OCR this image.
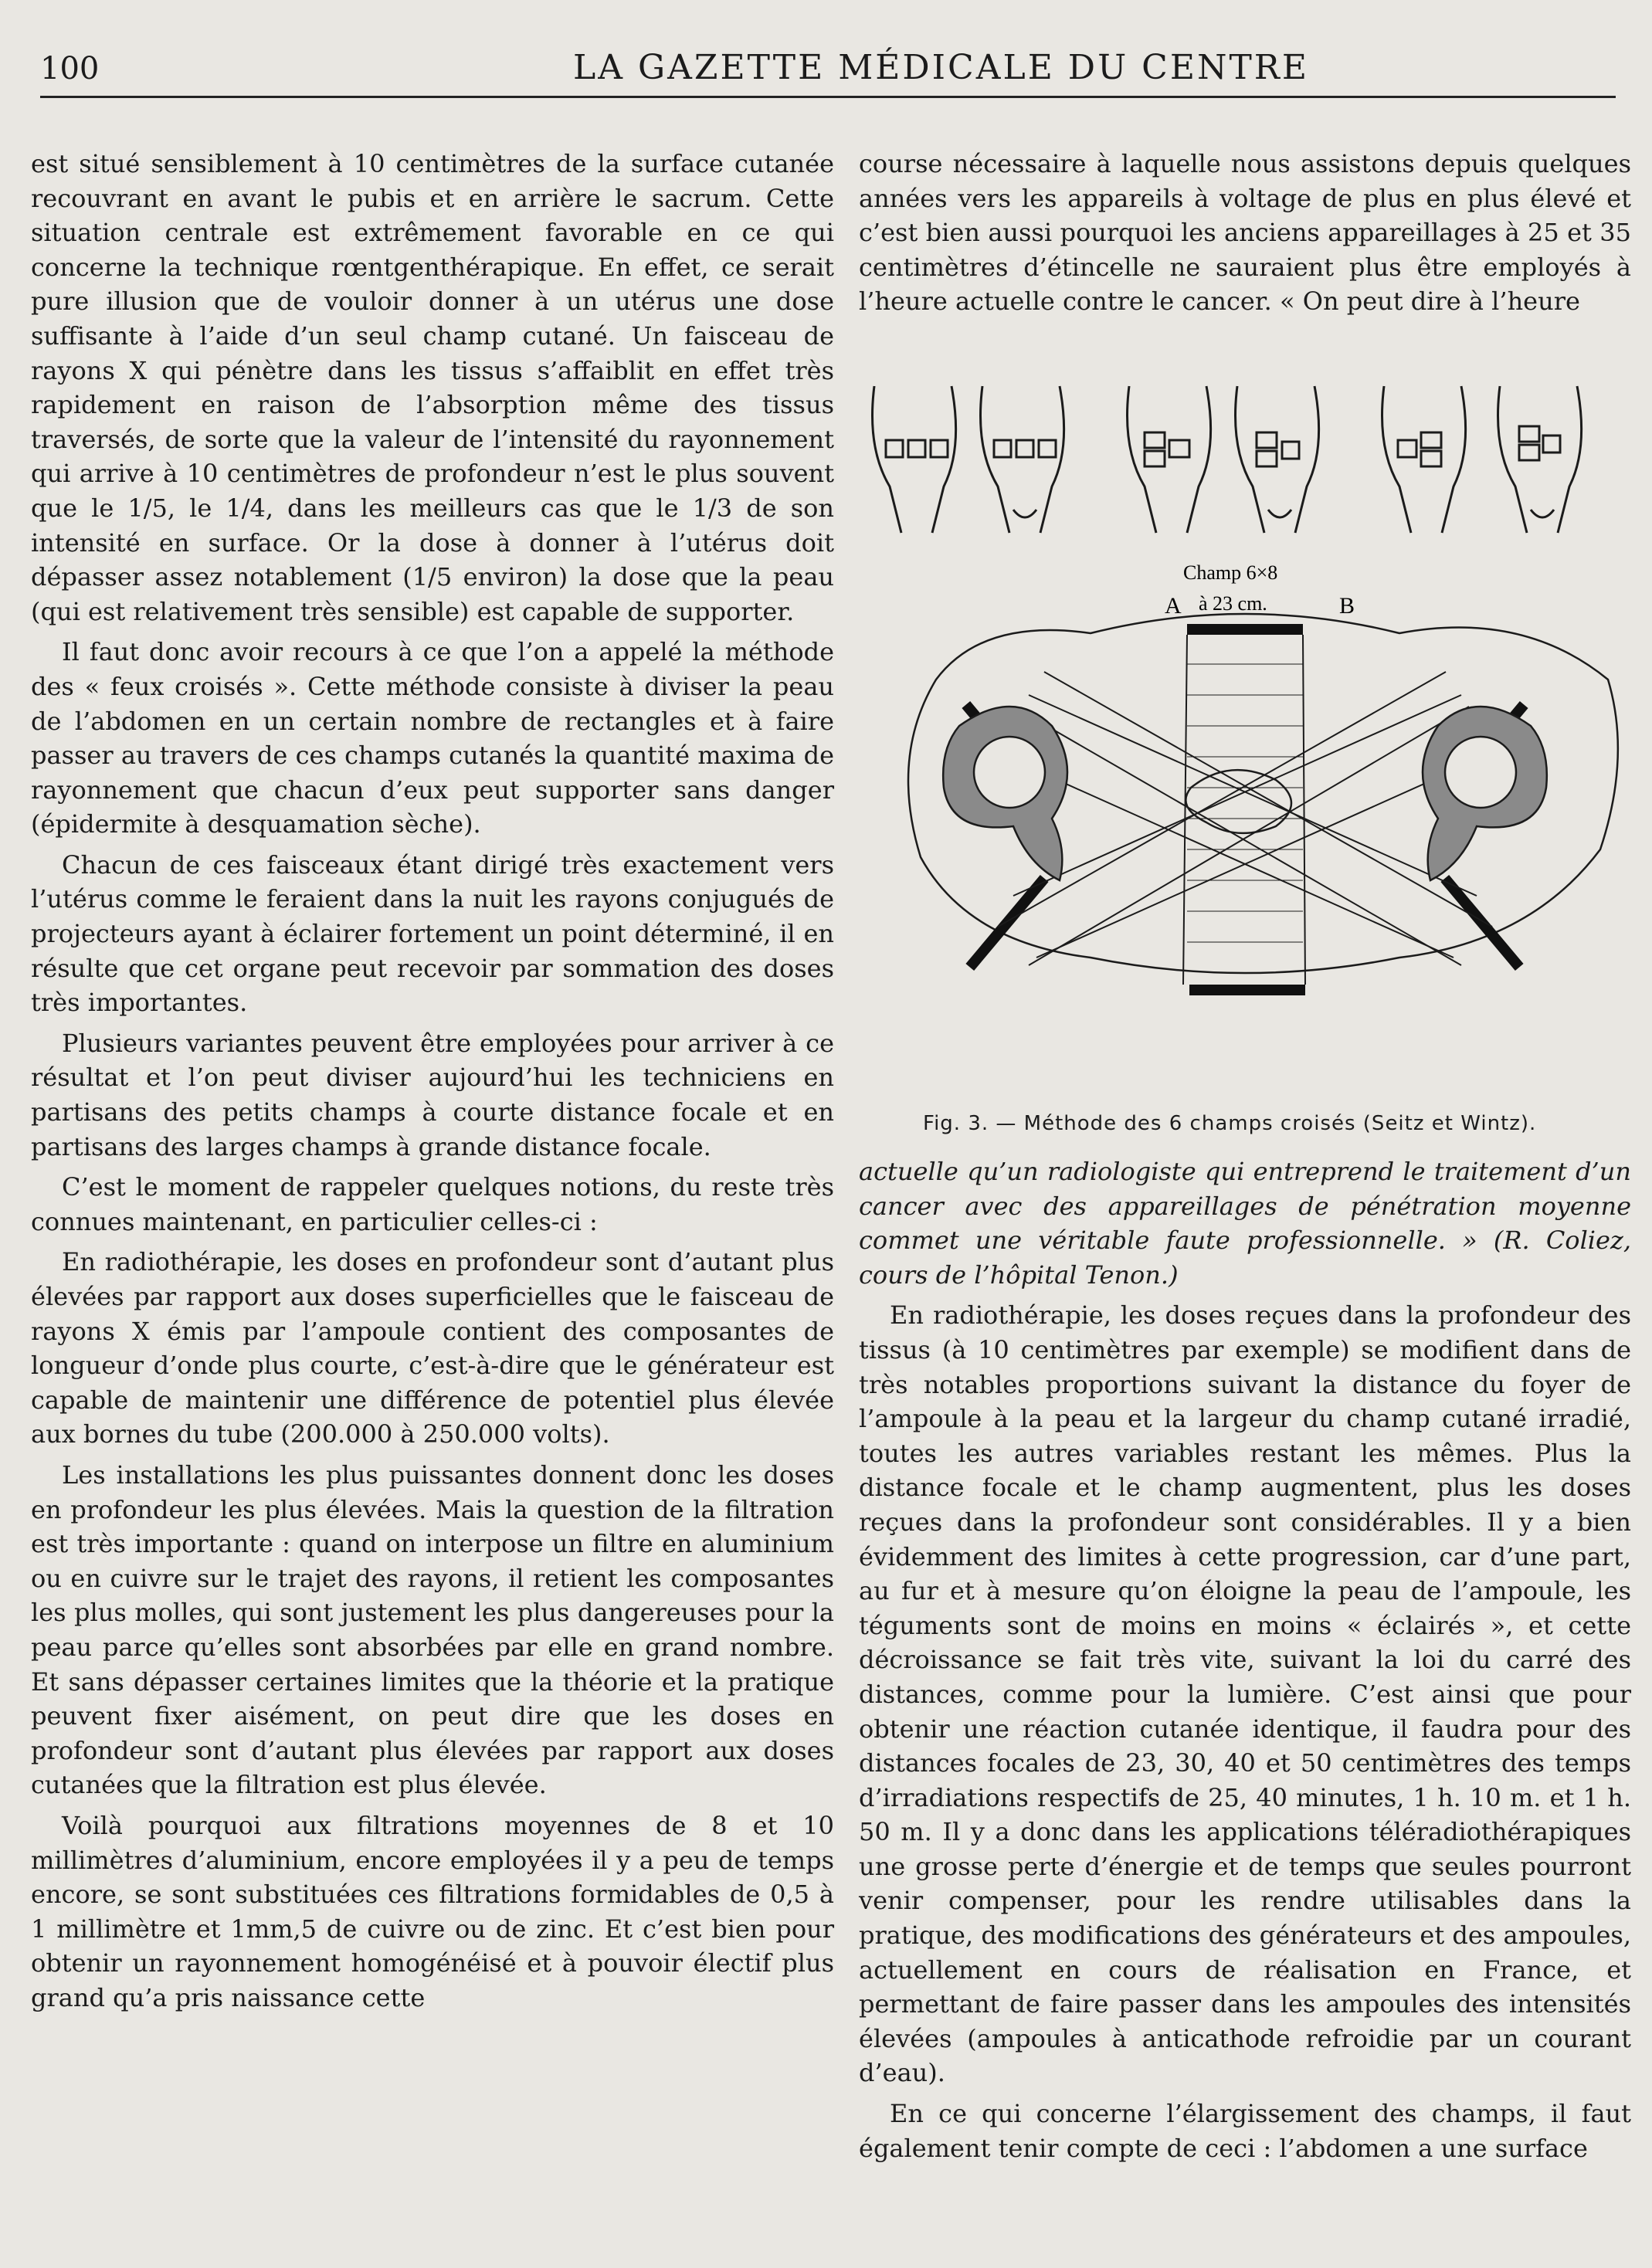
100	LA GAZETTE MÉDICALE DU CENTRE

est situé sensiblement à 10 centimètres de la surface cutanée recouvrant en avant le pubis et en arrière le sacrum. Cette situation centrale est extrêmement favorable en ce qui concerne la technique rœntgenthérapique. En effet, ce serait pure illusion que de vouloir donner à un utérus une dose suffisante à l’aide d’un seul champ cutané. Un faisceau de rayons X qui pénètre dans les tissus s’affaiblit en effet très rapidement en raison de l’absorption même des tissus traversés, de sorte que la valeur de l’intensité du rayonnement qui arrive à 10 centimètres de profondeur n’est le plus souvent que le 1/5, le 1/4, dans les meilleurs cas que le 1/3 de son intensité en surface. Or la dose à donner à l’utérus doit dépasser assez notablement (1/5 environ) la dose que la peau (qui est relativement très sensible) est capable de supporter.

Il faut donc avoir recours à ce que l’on a appelé la méthode des « feux croisés ». Cette méthode consiste à diviser la peau de l’abdomen en un certain nombre de rectangles et à faire passer au travers de ces champs cutanés la quantité maxima de rayonnement que chacun d’eux peut supporter sans danger (épidermite à desquamation sèche).

Chacun de ces faisceaux étant dirigé très exactement vers l’utérus comme le feraient dans la nuit les rayons conjugués de projecteurs ayant à éclairer fortement un point déterminé, il en résulte que cet organe peut recevoir par sommation des doses très importantes.

Plusieurs variantes peuvent être employées pour arriver à ce résultat et l’on peut diviser aujourd’hui les techniciens en partisans des petits champs à courte distance focale et en partisans des larges champs à grande distance focale.

C’est le moment de rappeler quelques notions, du reste très connues maintenant, en particulier celles-ci :

En radiothérapie, les doses en profondeur sont d’autant plus élevées par rapport aux doses superficielles que le faisceau de rayons X émis par l’ampoule contient des composantes de longueur d’onde plus courte, c’est-à-dire que le générateur est capable de maintenir une différence de potentiel plus élevée aux bornes du tube (200.000 à 250.000 volts).

Les installations les plus puissantes donnent donc les doses en profondeur les plus élevées. Mais la question de la filtration est très importante : quand on interpose un filtre en aluminium ou en cuivre sur le trajet des rayons, il retient les composantes les plus molles, qui sont justement les plus dangereuses pour la peau parce qu’elles sont absorbées par elle en grand nombre. Et sans dépasser certaines limites que la théorie et la pratique peuvent fixer aisément, on peut dire que les doses en profondeur sont d’autant plus élevées par rapport aux doses cutanées que la filtration est plus élevée.

Voilà pourquoi aux filtrations moyennes de 8 et 10 millimètres d’aluminium, encore employées il y a peu de temps encore, se sont substituées ces filtrations formidables de 0,5 à 1 millimètre et 1mm,5 de cuivre ou de zinc. Et c’est bien pour obtenir un rayonnement homogénéisé et à pouvoir électif plus grand qu’a pris naissance cette

course nécessaire à laquelle nous assistons depuis quelques années vers les appareils à voltage de plus en plus élevé et c’est bien aussi pourquoi les anciens appareillages à 25 et 35 centimètres d’étincelle ne sauraient plus être employés à l’heure actuelle contre le cancer. « On peut dire à l’heure

Champ 6×8
à 23 cm.
A	B
Fig. 3. — Méthode des 6 champs croisés (Seitz et Wintz).

actuelle qu’un radiologiste qui entreprend le traitement d’un cancer avec des appareillages de pénétration moyenne commet une véritable faute professionnelle. » (R. Coliez, cours de l’hôpital Tenon.)

En radiothérapie, les doses reçues dans la profondeur des tissus (à 10 centimètres par exemple) se modifient dans de très notables proportions suivant la distance du foyer de l’ampoule à la peau et la largeur du champ cutané irradié, toutes les autres variables restant les mêmes. Plus la distance focale et le champ augmentent, plus les doses reçues dans la profondeur sont considérables. Il y a bien évidemment des limites à cette progression, car d’une part, au fur et à mesure qu’on éloigne la peau de l’ampoule, les téguments sont de moins en moins « éclairés », et cette décroissance se fait très vite, suivant la loi du carré des distances, comme pour la lumière. C’est ainsi que pour obtenir une réaction cutanée identique, il faudra pour des distances focales de 23, 30, 40 et 50 centimètres des temps d’irradiations respectifs de 25, 40 minutes, 1 h. 10 m. et 1 h. 50 m. Il y a donc dans les applications téléradiothérapiques une grosse perte d’énergie et de temps que seules pourront venir compenser, pour les rendre utilisables dans la pratique, des modifications des générateurs et des ampoules, actuellement en cours de réalisation en France, et permettant de faire passer dans les ampoules des intensités élevées (ampoules à anticathode refroidie par un courant d’eau).

En ce qui concerne l’élargissement des champs, il faut également tenir compte de ceci : l’abdomen a une surface
